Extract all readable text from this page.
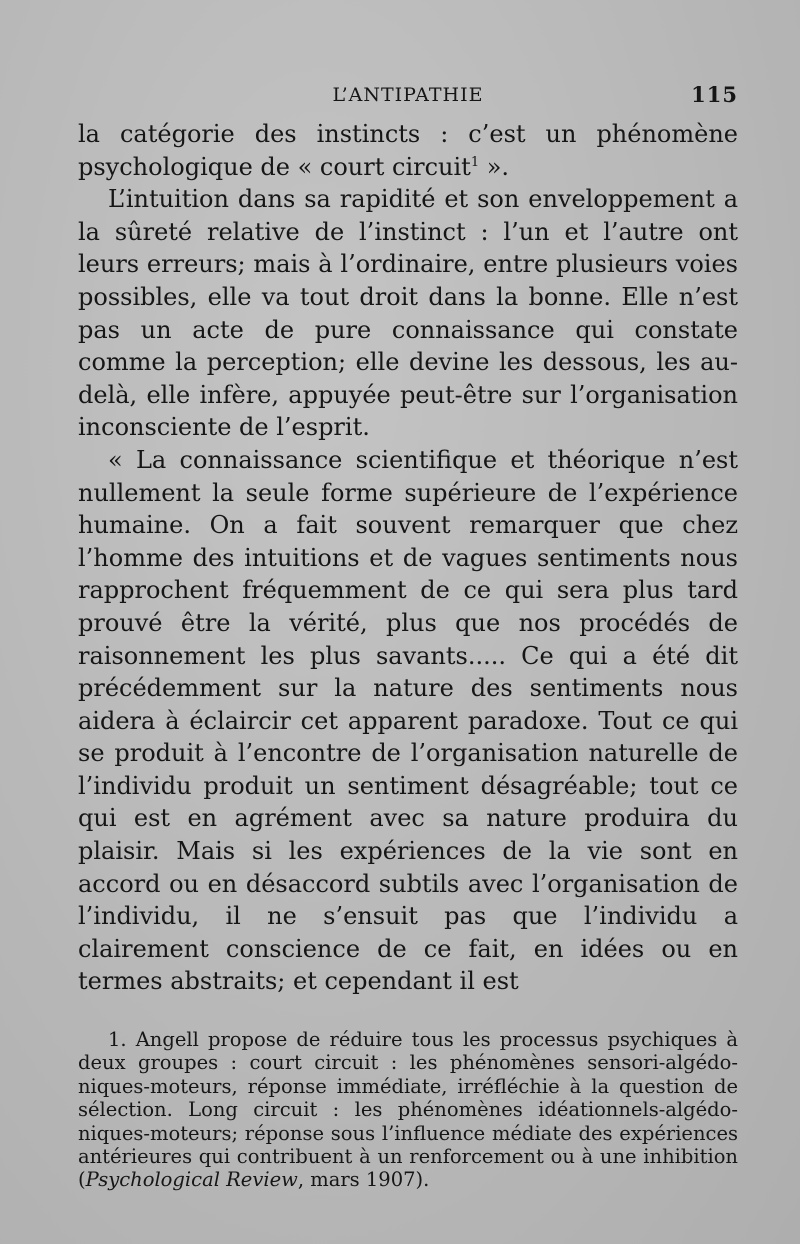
L’ANTIPATHIE	115

la catégorie des instincts : c’est un phénomène psychologique de « court circuit$^1$ ».

L’intuition dans sa rapidité et son enveloppement a la sûreté relative de l’instinct : l’un et l’autre ont leurs erreurs; mais à l’ordinaire, entre plusieurs voies possibles, elle va tout droit dans la bonne. Elle n’est pas un acte de pure connaissance qui constate comme la perception; elle devine les dessous, les au-delà, elle infère, appuyée peut-être sur l’organisation inconsciente de l’esprit.

« La connaissance scientifique et théorique n’est nullement la seule forme supérieure de l’expérience humaine. On a fait souvent remarquer que chez l’homme des intuitions et de vagues sentiments nous rapprochent fréquemment de ce qui sera plus tard prouvé être la vérité, plus que nos procédés de raisonnement les plus savants..... Ce qui a été dit précédemment sur la nature des sentiments nous aidera à éclaircir cet apparent paradoxe. Tout ce qui se produit à l’encontre de l’organisation naturelle de l’individu produit un sentiment désagréable; tout ce qui est en agrément avec sa nature produira du plaisir. Mais si les expériences de la vie sont en accord ou en désaccord subtils avec l’organisation de l’individu, il ne s’ensuit pas que l’individu a clairement conscience de ce fait, en idées ou en termes abstraits; et cependant il est

1. Angell propose de réduire tous les processus psychiques à deux groupes : court circuit : les phénomènes sensori-algédoniques-moteurs, réponse immédiate, irréfléchie à la question de sélection. Long circuit : les phénomènes idéationnels-algédoniques-moteurs; réponse sous l’influence médiate des expériences antérieures qui contribuent à un renforcement ou à une inhibition (Psychological Review, mars 1907).
